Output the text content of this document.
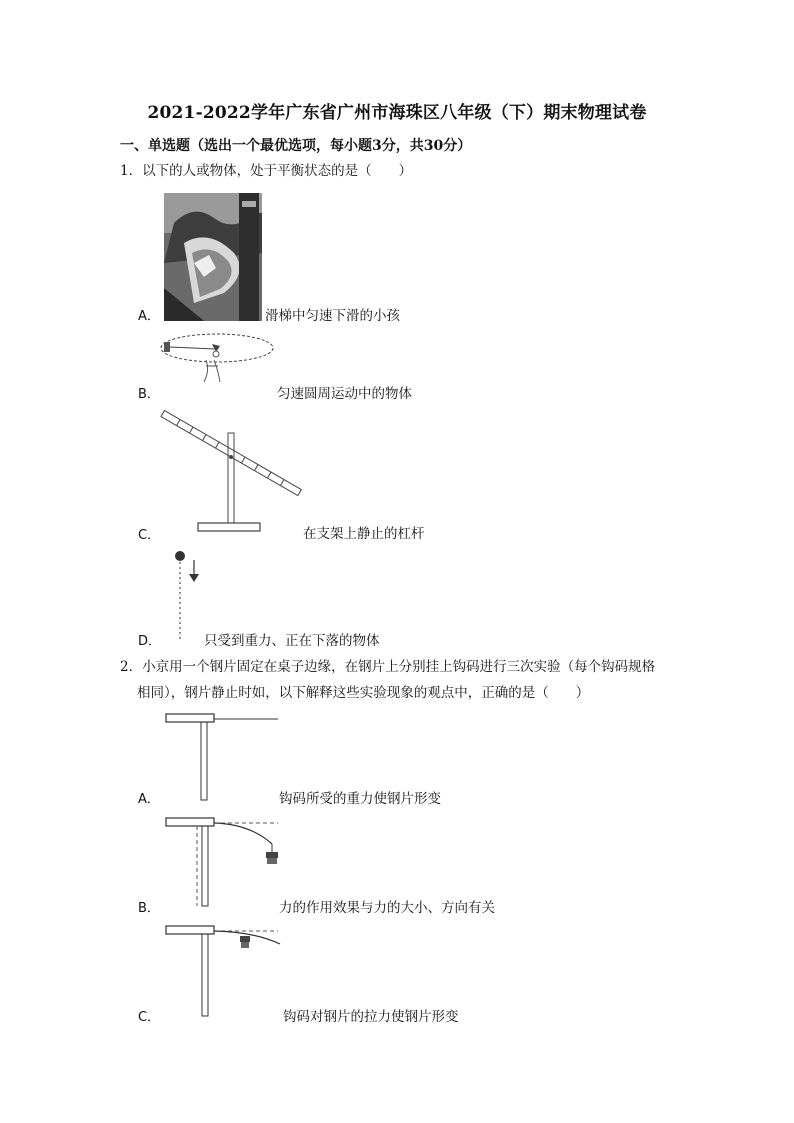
2021-2022学年广东省广州市海珠区八年级（下）期末物理试卷
一、单选题（选出一个最优选项，每小题3分，共30分）
1．以下的人或物体，处于平衡状态的是（　　）
A．	滑梯中匀速下滑的小孩
B．	匀速圆周运动中的物体
C．	在支架上静止的杠杆
D．	只受到重力、正在下落的物体
2．小京用一个钢片固定在桌子边缘，在钢片上分别挂上钩码进行三次实验（每个钩码规格
相同），钢片静止时如，以下解释这些实验现象的观点中，正确的是（　　）
A．	钩码所受的重力使钢片形变
B．	力的作用效果与力的大小、方向有关
C．	钩码对钢片的拉力使钢片形变
